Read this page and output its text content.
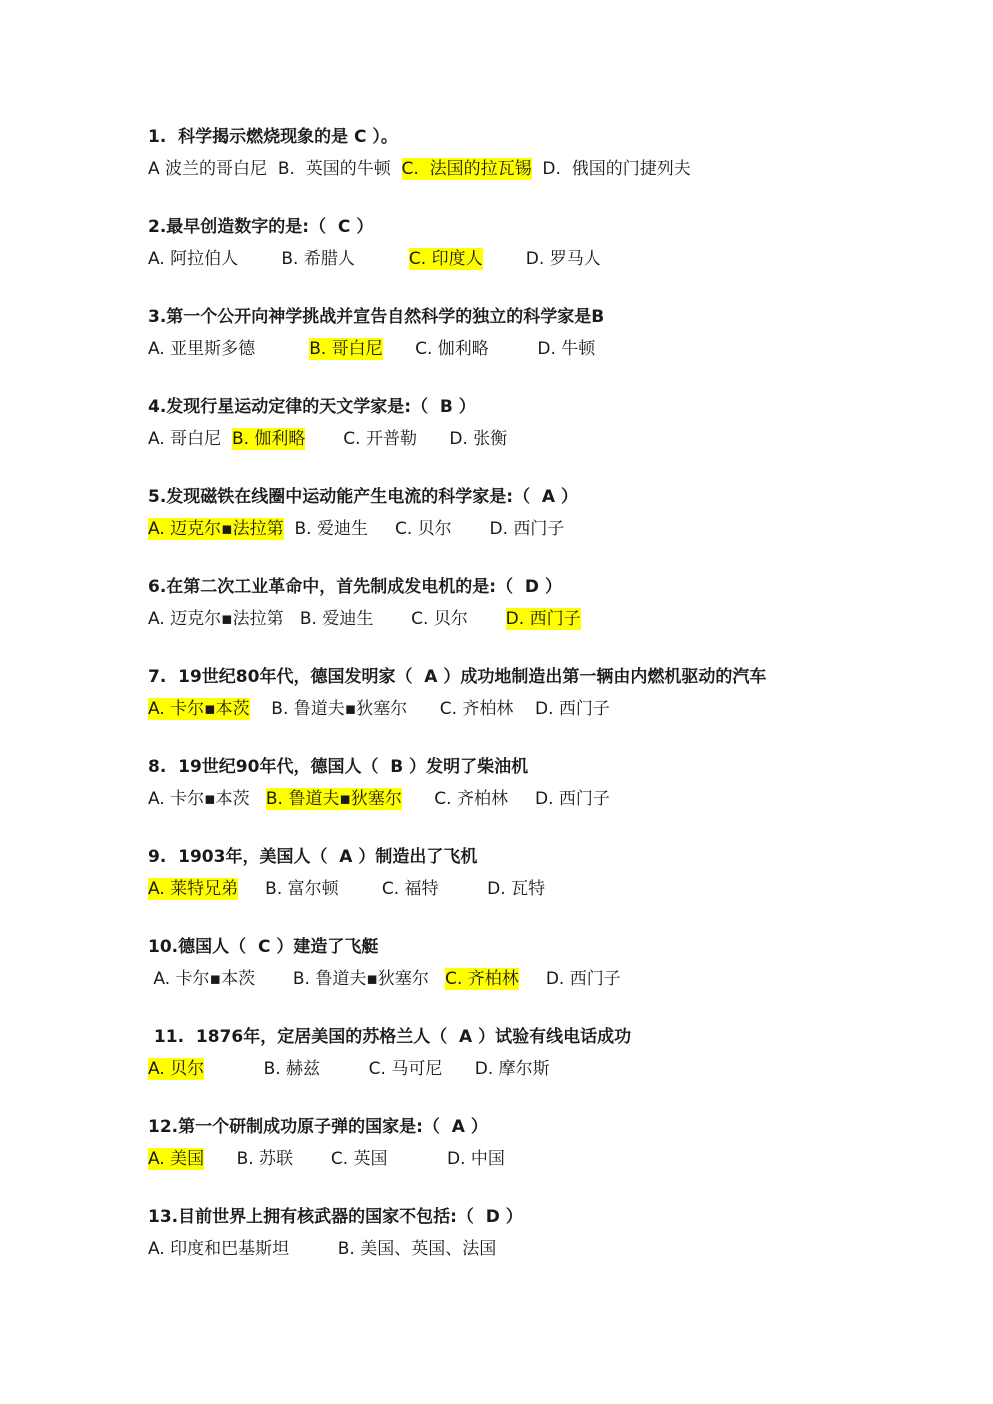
1.  科学揭示燃烧现象的是 C ）。
A 波兰的哥白尼  B.  英国的牛顿  C.  法国的拉瓦锡  D.  俄国的门捷列夫
2.最早创造数字的是:（  C ）
A. 阿拉伯人        B. 希腊人          C. 印度人        D. 罗马人
3.第一个公开向神学挑战并宣告自然科学的独立的科学家是B
A. 亚里斯多德          B. 哥白尼      C. 伽利略         D. 牛顿
4.发现行星运动定律的天文学家是:（  B ）
A. 哥白尼  B. 伽利略       C. 开普勒      D. 张衡
5.发现磁铁在线圈中运动能产生电流的科学家是:（  A ）
A. 迈克尔▪法拉第  B. 爱迪生     C. 贝尔       D. 西门子
6.在第二次工业革命中，首先制成发电机的是:（  D ）
A. 迈克尔▪法拉第   B. 爱迪生       C. 贝尔       D. 西门子
7.  19世纪80年代，德国发明家（  A ）成功地制造出第一辆由内燃机驱动的汽车
A. 卡尔▪本茨    B. 鲁道夫▪狄塞尔      C. 齐柏林    D. 西门子
8.  19世纪90年代，德国人（  B ）发明了柴油机
A. 卡尔▪本茨   B. 鲁道夫▪狄塞尔      C. 齐柏林     D. 西门子
9.  1903年，美国人（  A ）制造出了飞机
A. 莱特兄弟     B. 富尔顿        C. 福特         D. 瓦特
10.德国人（  C ）建造了飞艇
A. 卡尔▪本茨       B. 鲁道夫▪狄塞尔   C. 齐柏林     D. 西门子
11.  1876年，定居美国的苏格兰人（  A ）试验有线电话成功
A. 贝尔           B. 赫兹         C. 马可尼      D. 摩尔斯
12.第一个研制成功原子弹的国家是:（  A ）
A. 美国      B. 苏联       C. 英国           D. 中国
13.目前世界上拥有核武器的国家不包括:（  D ）
A. 印度和巴基斯坦         B. 美国、英国、法国
